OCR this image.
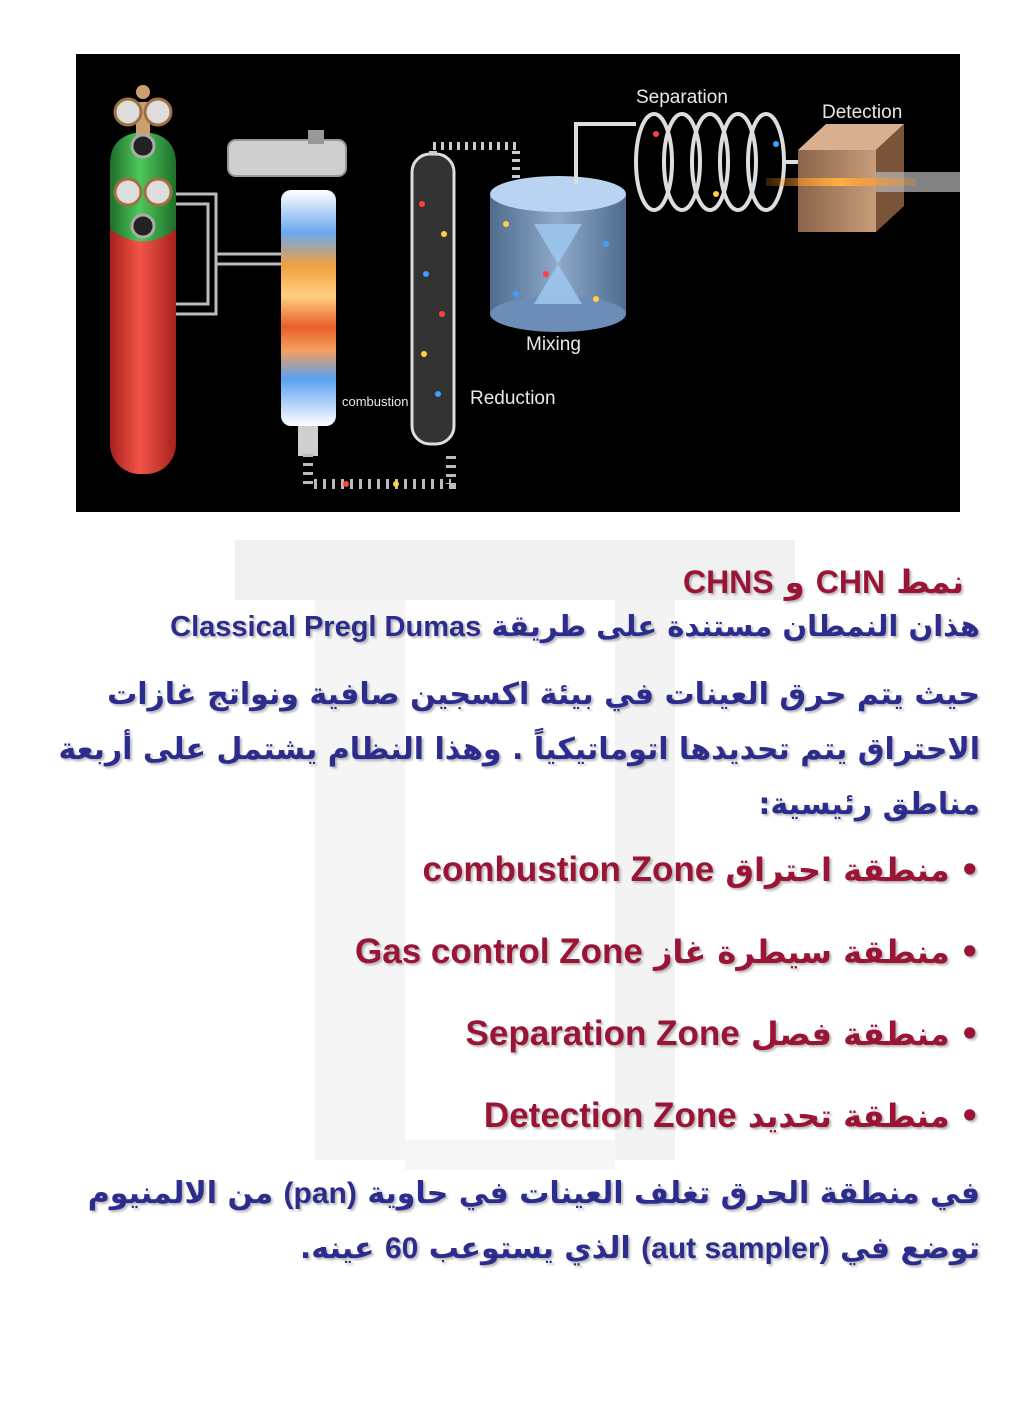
Separation
Detection
Mixing
combustion	Reduction

نمط CHN و CHNS

هذان النمطان مستندة على طريقة Classical Pregl Dumas

حيث يتم حرق العينات في بيئة اكسجين صافية ونواتج غازات الاحتراق يتم تحديدها اتوماتيكياً . وهذا النظام يشتمل على أربعة مناطق رئيسية:

•منطقة احتراق combustion Zone
•منطقة سيطرة غاز Gas control Zone
•منطقة فصل Separation Zone
•منطقة تحديد Detection Zone

في منطقة الحرق تغلف العينات في حاوية (pan) من الالمنيوم توضع في (aut sampler) الذي يستوعب 60 عينه.
